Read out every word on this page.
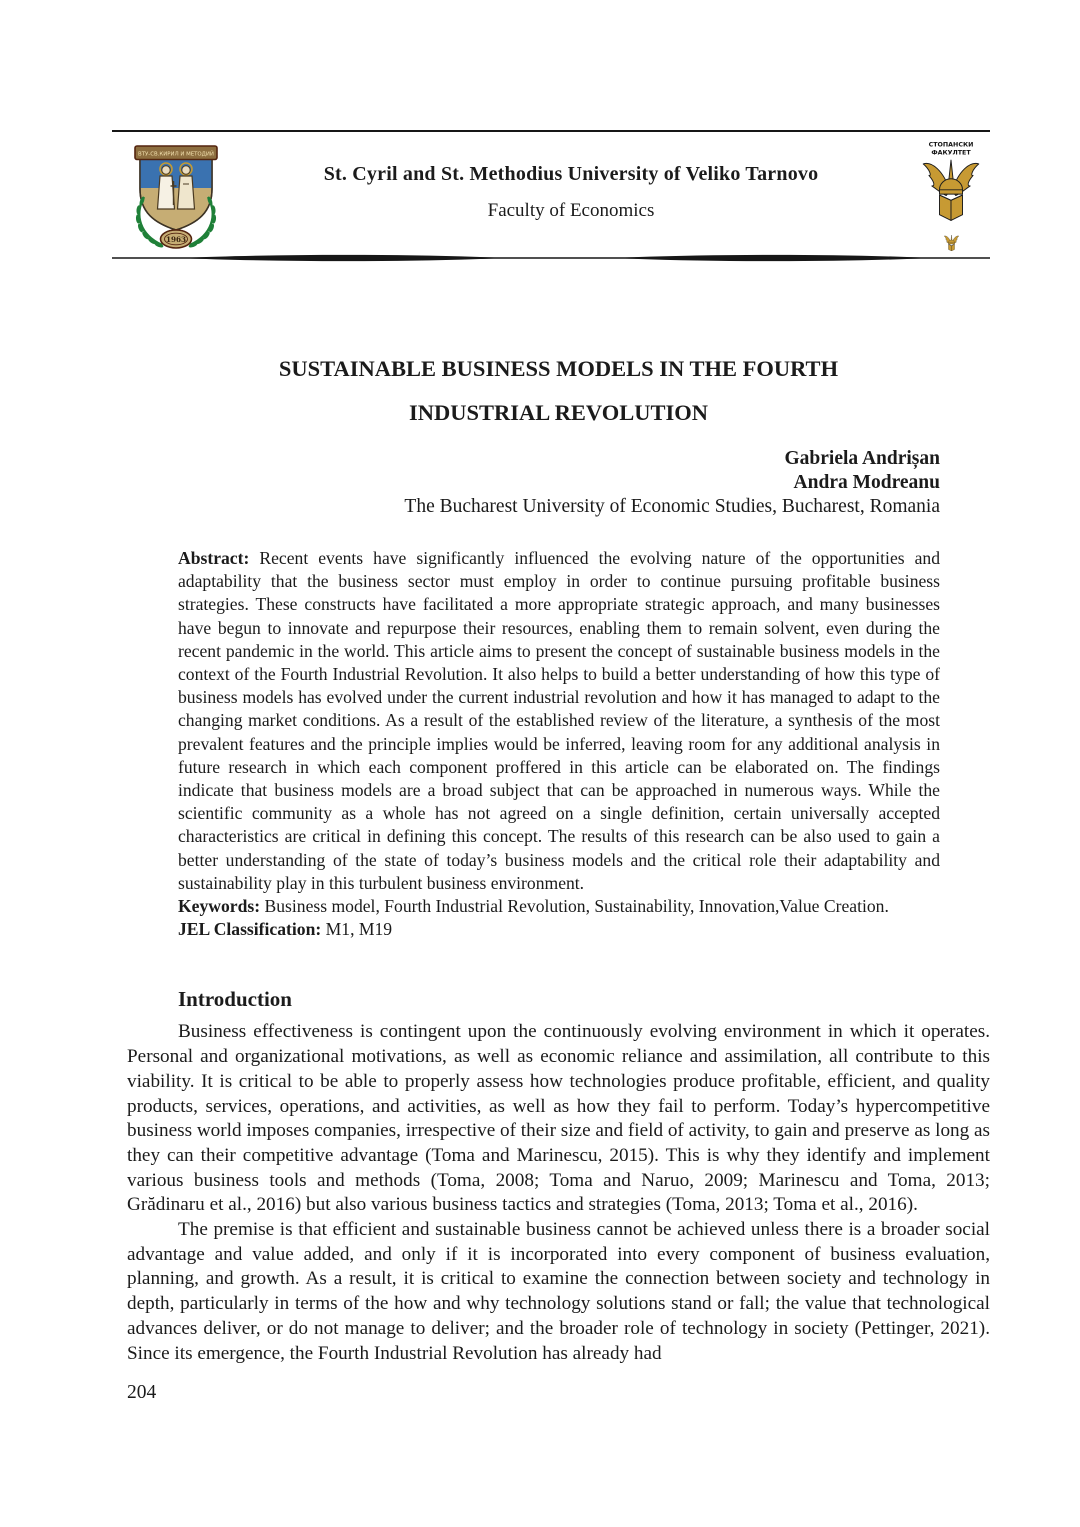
ВТУ-СВ.КИРИЛ И МЕТОДИЙ
1963
St. Cyril and St. Methodius University of Veliko Tarnovo
Faculty of Economics
СТОПАНСКИ
ФАКУЛТЕТ
SUSTAINABLE BUSINESS MODELS IN THE FOURTH
INDUSTRIAL REVOLUTION
Gabriela Andrișan
Andra Modreanu
The Bucharest University of Economic Studies, Bucharest, Romania

Abstract: Recent events have significantly influenced the evolving nature of the opportunities and adaptability that the business sector must employ in order to continue pursuing profitable business strategies. These constructs have facilitated a more appropriate strategic approach, and many businesses have begun to innovate and repurpose their resources, enabling them to remain solvent, even during the recent pandemic in the world. This article aims to present the concept of sustainable business models in the context of the Fourth Industrial Revolution. It also helps to build a better understanding of how this type of business models has evolved under the current industrial revolution and how it has managed to adapt to the changing market conditions. As a result of the established review of the literature, a synthesis of the most prevalent features and the principle implies would be inferred, leaving room for any additional analysis in future research in which each component proffered in this article can be elaborated on. The findings indicate that business models are a broad subject that can be approached in numerous ways. While the scientific community as a whole has not agreed on a single definition, certain universally accepted characteristics are critical in defining this concept. The results of this research can be also used to gain a better understanding of the state of today’s business models and the critical role their adaptability and sustainability play in this turbulent business environment.

Keywords: Business model, Fourth Industrial Revolution, Sustainability, Innovation,Value Creation.

JEL Classification: M1, M19

Introduction

Business effectiveness is contingent upon the continuously evolving environment in which it operates. Personal and organizational motivations, as well as economic reliance and assimilation, all contribute to this viability. It is critical to be able to properly assess how technologies produce profitable, efficient, and quality products, services, operations, and activities, as well as how they fail to perform. Today’s hypercompetitive business world imposes companies, irrespective of their size and field of activity, to gain and preserve as long as they can their competitive advantage (Toma and Marinescu, 2015). This is why they identify and implement various business tools and methods (Toma, 2008; Toma and Naruo, 2009; Marinescu and Toma, 2013; Grădinaru et al., 2016) but also various business tactics and strategies (Toma, 2013; Toma et al., 2016).

The premise is that efficient and sustainable business cannot be achieved unless there is a broader social advantage and value added, and only if it is incorporated into every component of business evaluation, planning, and growth. As a result, it is critical to examine the connection between society and technology in depth, particularly in terms of the how and why technology solutions stand or fall; the value that technological advances deliver, or do not manage to deliver; and the broader role of technology in society (Pettinger, 2021). Since its emergence, the Fourth Industrial Revolution has already had

204
